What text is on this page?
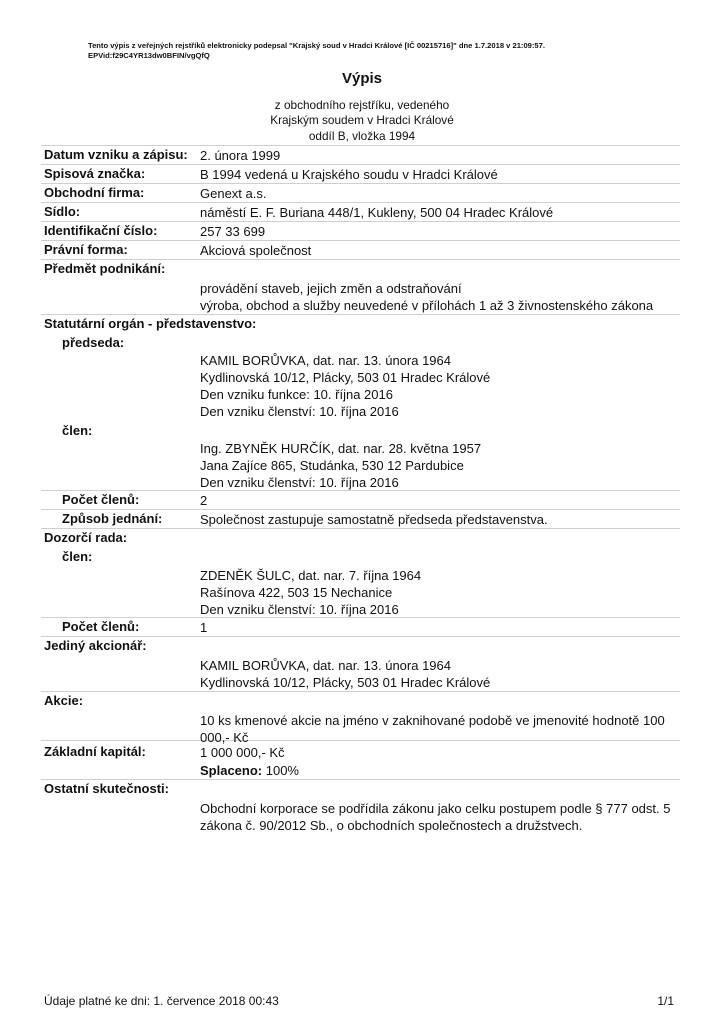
Tento výpis z veřejných rejstříků elektronicky podepsal "Krajský soud v Hradci Králové [IČ 00215716]" dne 1.7.2018 v 21:09:57.
EPVid:f29C4YR13dw0BFIN/vgQfQ
Výpis
z obchodního rejstříku, vedeného
Krajským soudem v Hradci Králové
oddíl B, vložka 1994
Datum vzniku a zápisu: 2. února 1999
Spisová značka:	B 1994 vedená u Krajského soudu v Hradci Králové
Obchodní firma:	Genext a.s.
Sídlo:	náměstí E. F. Buriana 448/1, Kukleny, 500 04 Hradec Králové
Identifikační číslo:	257 33 699
Právní forma:	Akciová společnost
Předmět podnikání:
provádění staveb, jejich změn a odstraňování
výroba, obchod a služby neuvedené v přílohách 1 až 3 živnostenského zákona
Statutární orgán - představenstvo:
předseda:
KAMIL BORŮVKA, dat. nar. 13. února 1964
Kydlinovská 10/12, Plácky, 503 01 Hradec Králové
Den vzniku funkce: 10. října 2016
Den vzniku členství: 10. října 2016
člen:
Ing. ZBYNĚK HURČÍK, dat. nar. 28. května 1957
Jana Zajíce 865, Studánka, 530 12 Pardubice
Den vzniku členství: 10. října 2016
Počet členů:	2
Způsob jednání:	Společnost zastupuje samostatně předseda představenstva.
Dozorčí rada:
člen:
ZDENĚK ŠULC, dat. nar. 7. října 1964
Rašínova 422, 503 15 Nechanice
Den vzniku členství: 10. října 2016
Počet členů:	1
Jediný akcionář:
KAMIL BORŮVKA, dat. nar. 13. února 1964
Kydlinovská 10/12, Plácky, 503 01 Hradec Králové
Akcie:
10 ks kmenové akcie na jméno v zaknihované podobě ve jmenovité hodnotě 100 000,- Kč
Základní kapitál:	1 000 000,- Kč
Splaceno: 100%
Ostatní skutečnosti:
Obchodní korporace se podřídila zákonu jako celku postupem podle § 777 odst. 5 zákona č. 90/2012 Sb., o obchodních společnostech a družstvech.
Údaje platné ke dni: 1. července 2018 00:43	1/1
